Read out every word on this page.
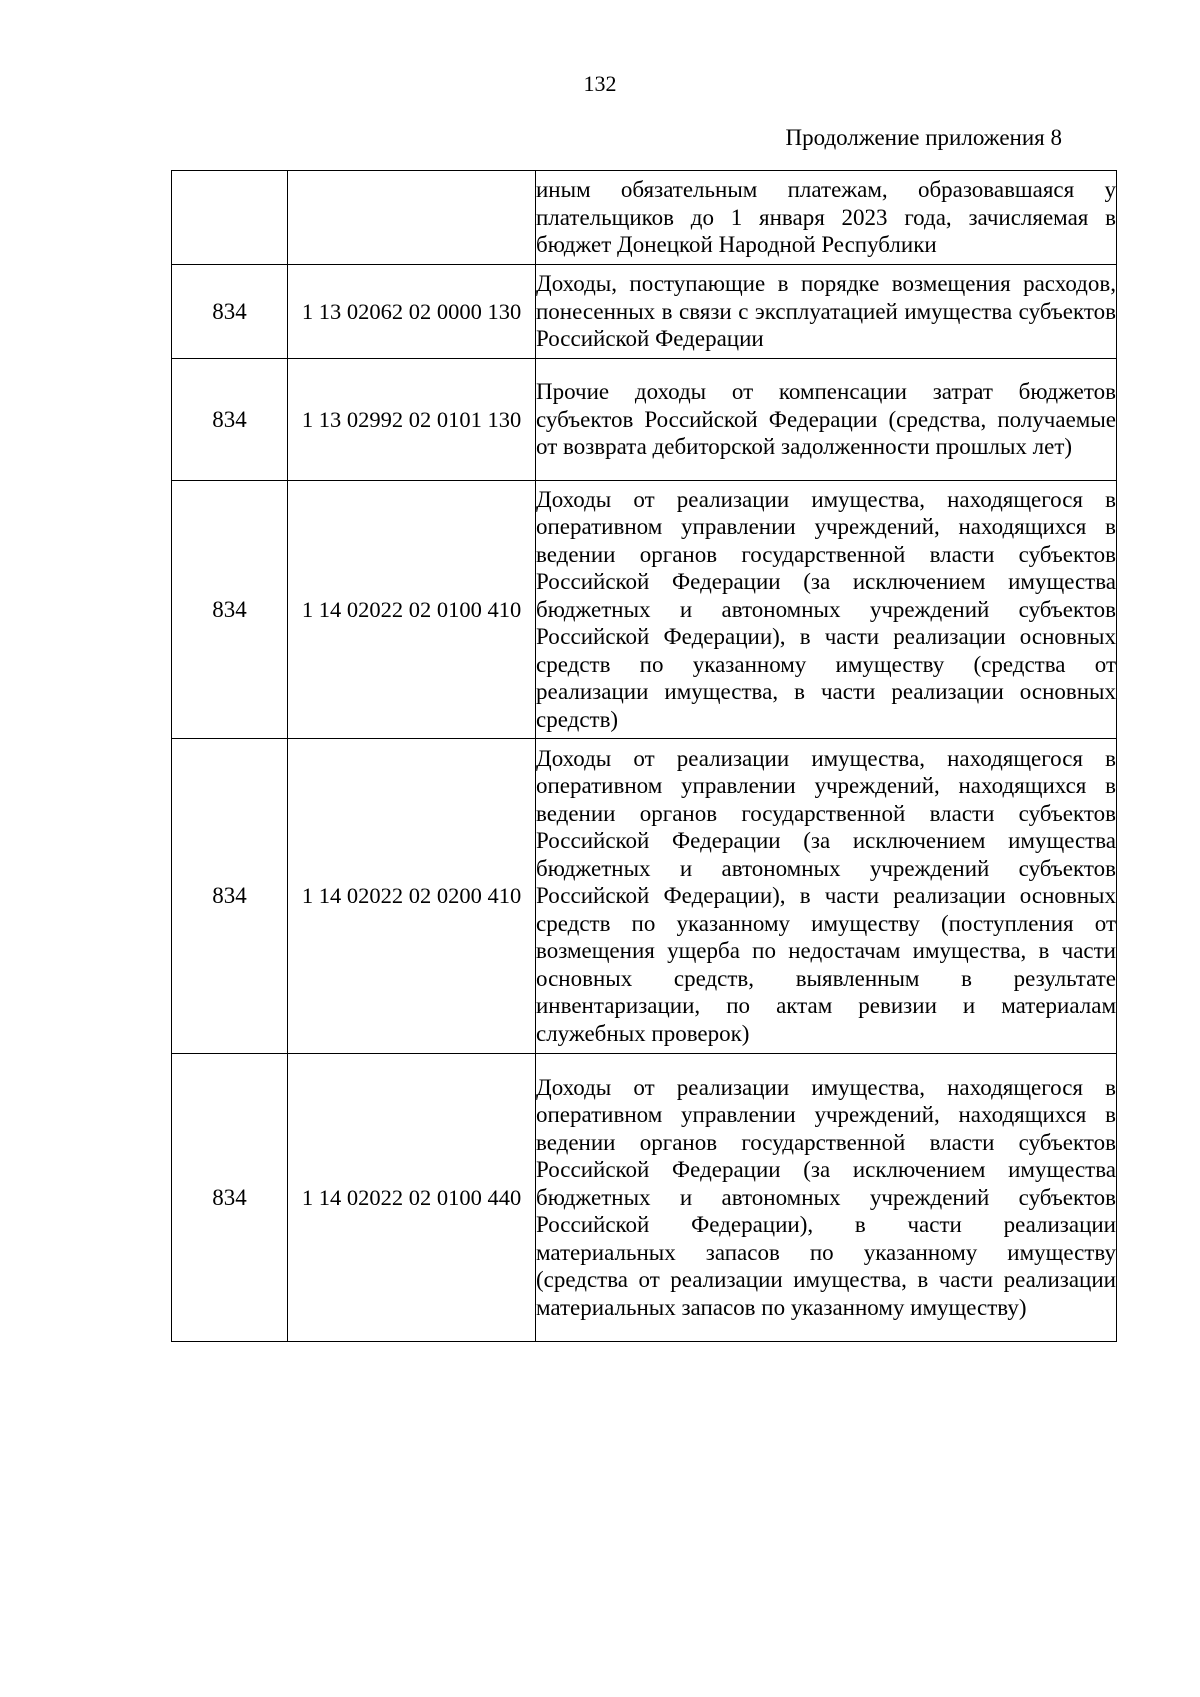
132
Продолжение приложения 8
		иным обязательным платежам, образовавшаяся у плательщиков до 1 января 2023 года, зачисляемая в бюджет Донецкой Народной Республики
834	1 13 02062 02 0000 130	Доходы, поступающие в порядке возмещения расходов, понесенных в связи с эксплуатацией имущества субъектов Российской Федерации
834	1 13 02992 02 0101 130	Прочие доходы от компенсации затрат бюджетов субъектов Российской Федерации (средства, получаемые от возврата дебиторской задолженности прошлых лет)
834	1 14 02022 02 0100 410	Доходы от реализации имущества, находящегося в оперативном управлении учреждений, находящихся в ведении органов государственной власти субъектов Российской Федерации (за исключением имущества бюджетных и автономных учреждений субъектов Российской Федерации), в части реализации основных средств по указанному имуществу (средства от реализации имущества, в части реализации основных средств)
834	1 14 02022 02 0200 410	Доходы от реализации имущества, находящегося в оперативном управлении учреждений, находящихся в ведении органов государственной власти субъектов Российской Федерации (за исключением имущества бюджетных и автономных учреждений субъектов Российской Федерации), в части реализации основных средств по указанному имуществу (поступления от возмещения ущерба по недостачам имущества, в части основных средств, выявленным в результате инвентаризации, по актам ревизии и материалам служебных проверок)
834	1 14 02022 02 0100 440	Доходы от реализации имущества, находящегося в оперативном управлении учреждений, находящихся в ведении органов государственной власти субъектов Российской Федерации (за исключением имущества бюджетных и автономных учреждений субъектов Российской Федерации), в части реализации материальных запасов по указанному имуществу (средства от реализации имущества, в части реализации материальных запасов по указанному имуществу)
